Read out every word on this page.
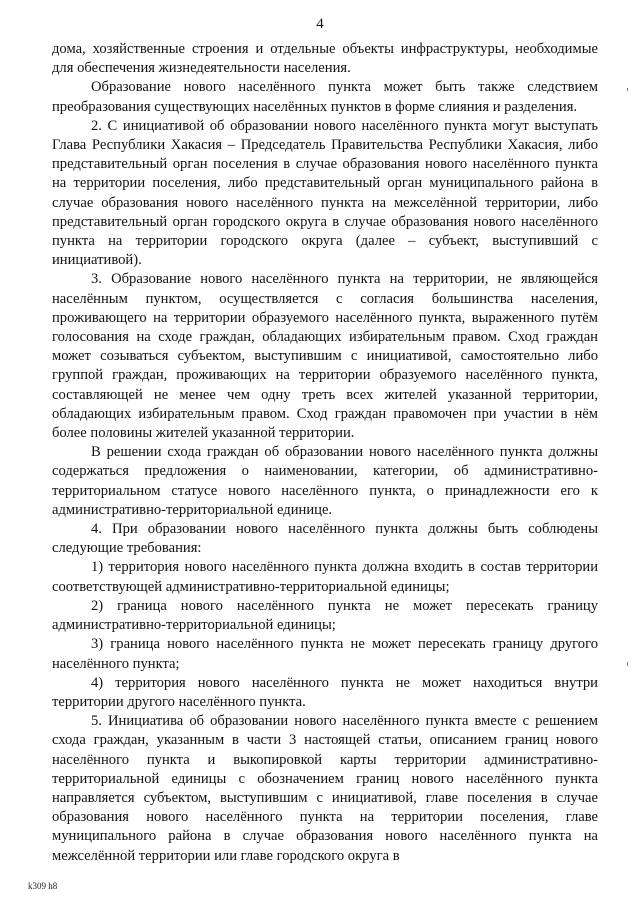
4

дома, хозяйственные строения и отдельные объекты инфраструктуры, необходимые для обеспечения жизнедеятельности населения.

Образование нового населённого пункта может быть также следствием преобразования существующих населённых пунктов в форме слияния и разделения.

2. С инициативой об образовании нового населённого пункта могут выступать Глава Республики Хакасия – Председатель Правительства Республики Хакасия, либо представительный орган поселения в случае образования нового населённого пункта на территории поселения, либо представительный орган муниципального района в случае образования нового населённого пункта на межселённой территории, либо представительный орган городского округа в случае образования нового населённого пункта на территории городского округа (далее – субъект, выступивший с инициативой).

3. Образование нового населённого пункта на территории, не являющейся населённым пунктом, осуществляется с согласия большинства населения, проживающего на территории образуемого населённого пункта, выраженного путём голосования на сходе граждан, обладающих избирательным правом. Сход граждан может созываться субъектом, выступившим с инициативой, самостоятельно либо группой граждан, проживающих на территории образуемого населённого пункта, составляющей не менее чем одну треть всех жителей указанной территории, обладающих избирательным правом. Сход граждан правомочен при участии в нём более половины жителей указанной территории.

В решении схода граждан об образовании нового населённого пункта должны содержаться предложения о наименовании, категории, об административно-территориальном статусе нового населённого пункта, о принадлежности его к административно-территориальной единице.

4. При образовании нового населённого пункта должны быть соблюдены следующие требования:

1) территория нового населённого пункта должна входить в состав территории соответствующей административно-территориальной единицы;

2) граница нового населённого пункта не может пересекать границу административно-территориальной единицы;

3) граница нового населённого пункта не может пересекать границу другого населённого пункта;

4) территория нового населённого пункта не может находиться внутри территории другого населённого пункта.

5. Инициатива об образовании нового населённого пункта вместе с решением схода граждан, указанным в части 3 настоящей статьи, описанием границ нового населённого пункта и выкопировкой карты территории административно-территориальной единицы с обозначением границ нового населённого пункта направляется субъектом, выступившим с инициативой, главе поселения в случае образования нового населённого пункта на территории поселения, главе муниципального района в случае образования нового населённого пункта на межселённой территории или главе городского округа в

k309 h8
